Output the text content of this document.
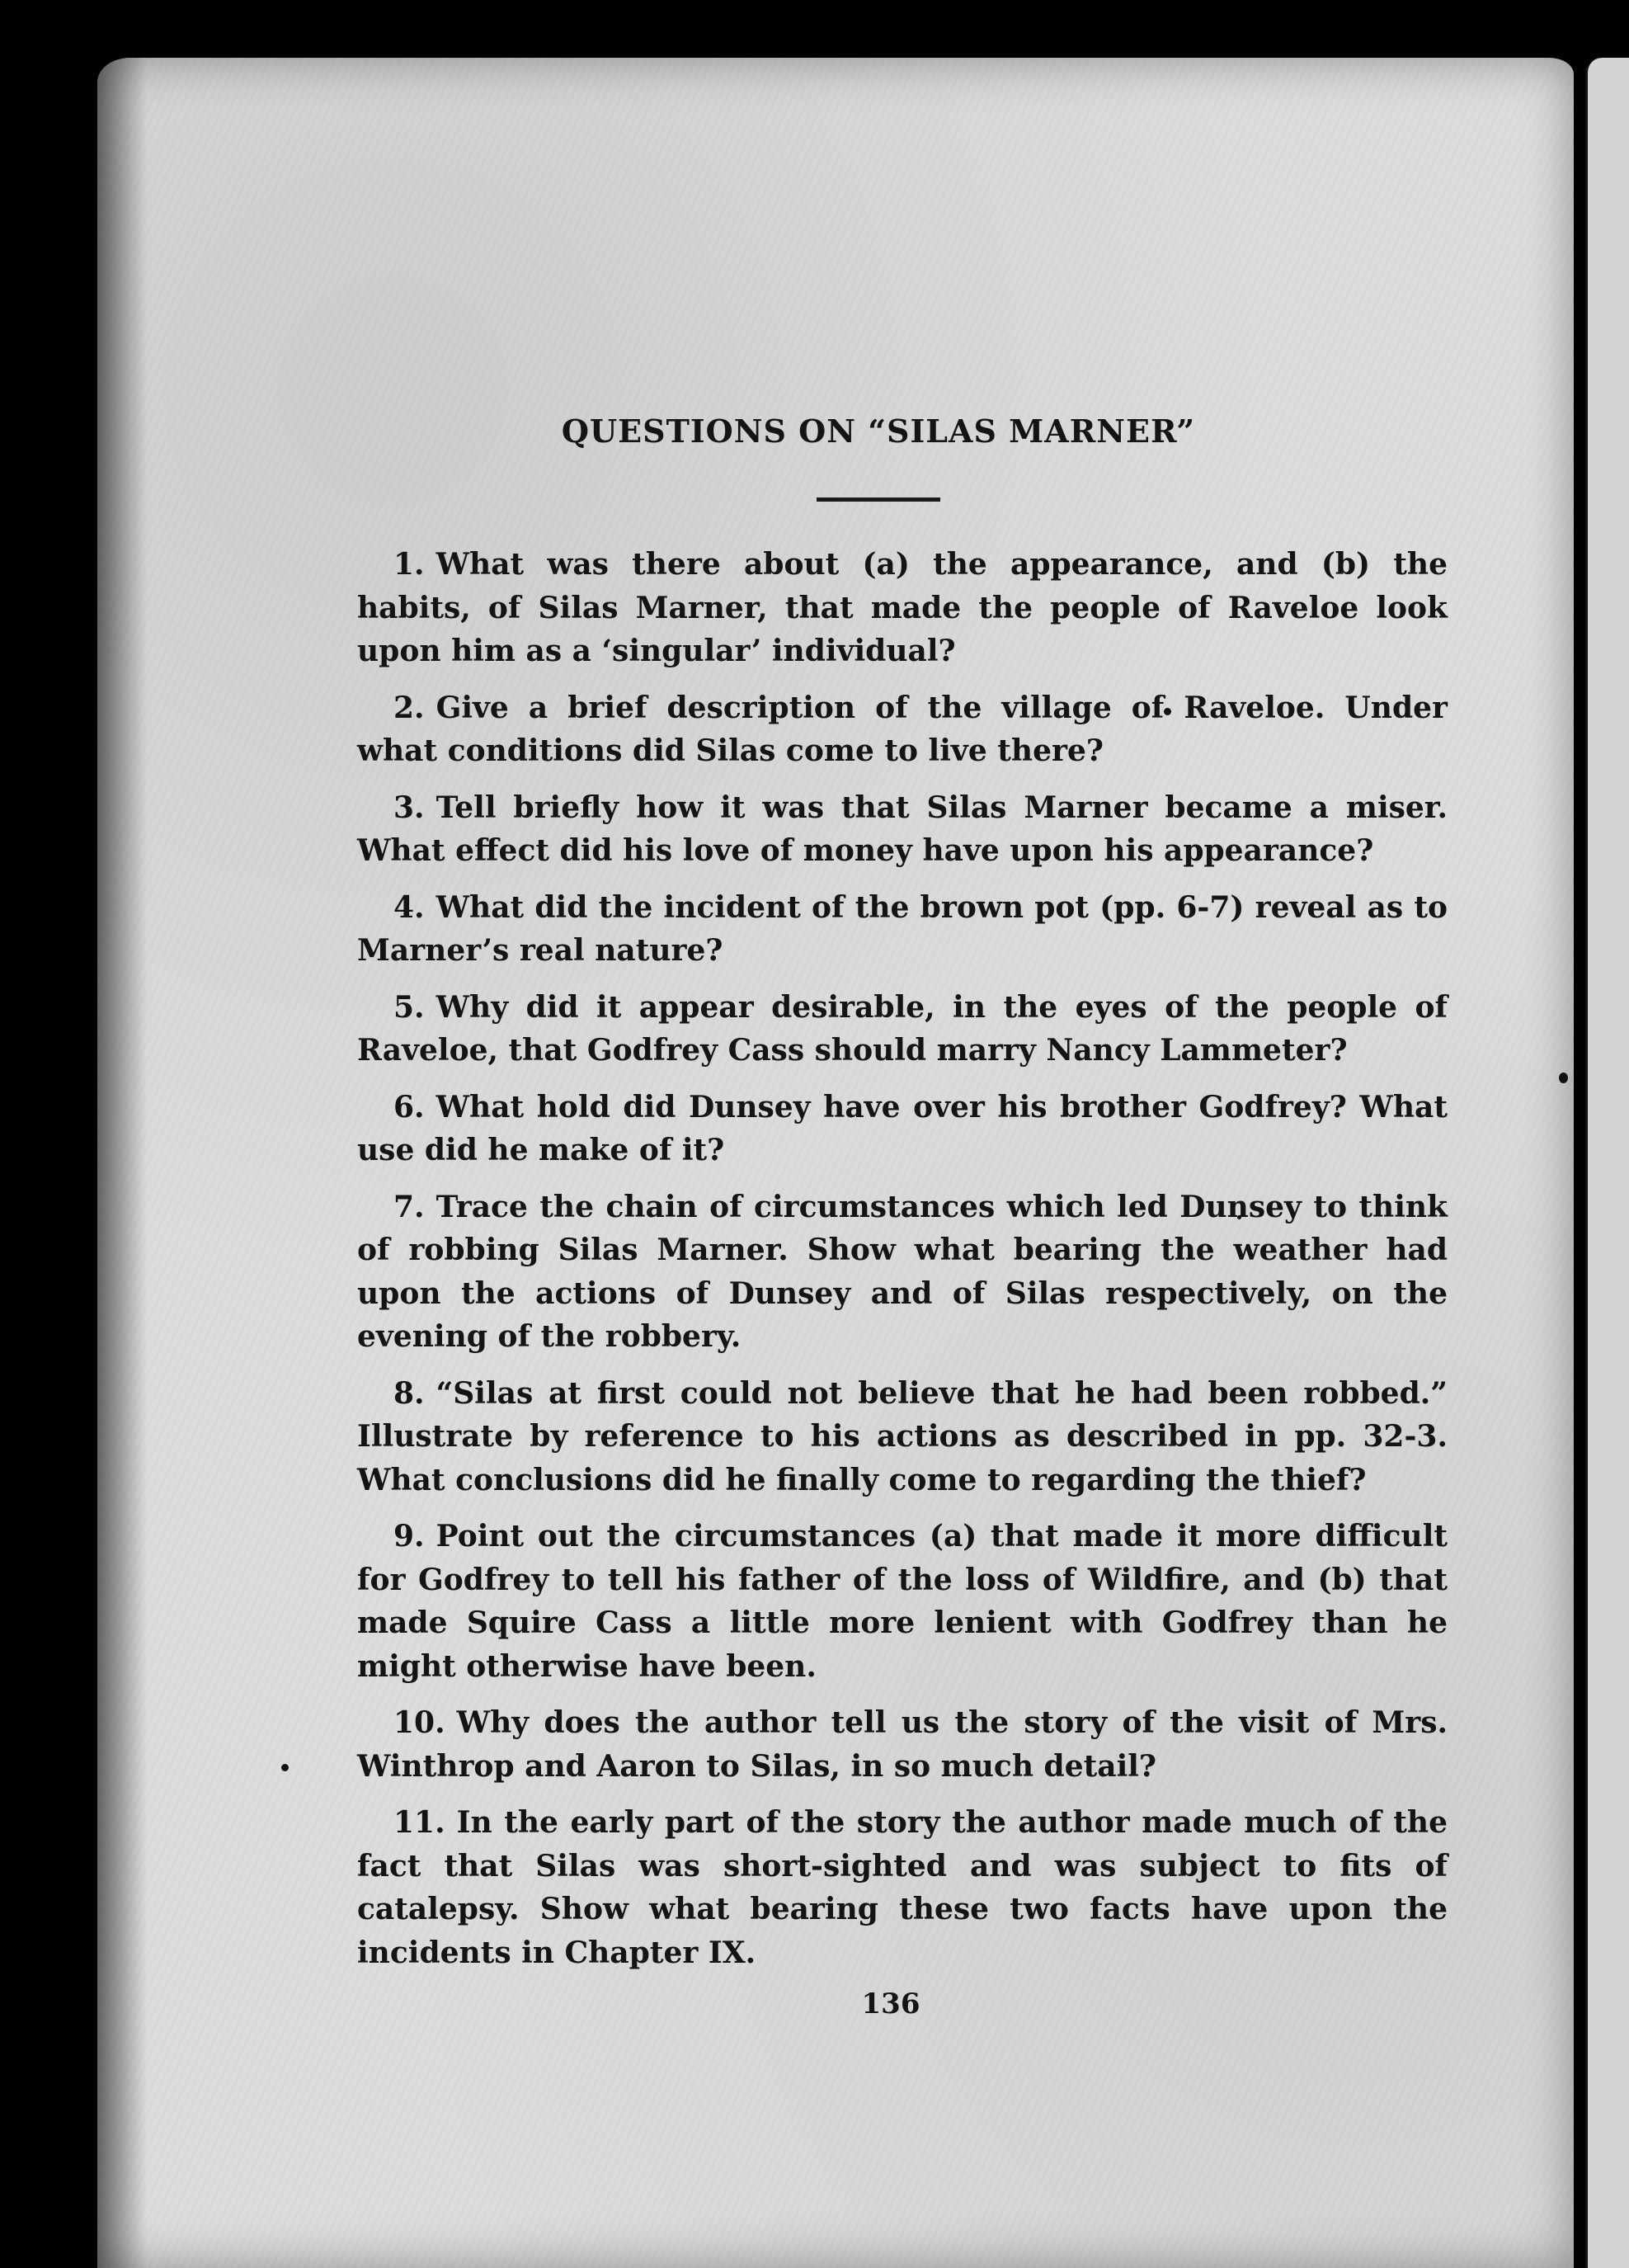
QUESTIONS ON “SILAS MARNER”
1. What was there about (a) the appearance, and (b) the habits, of Silas Marner, that made the people of Raveloe look upon him as a ‘singular’ individual?
2. Give a brief description of the village of Raveloe. Under what conditions did Silas come to live there?
3. Tell briefly how it was that Silas Marner became a miser. What effect did his love of money have upon his appearance?
4. What did the incident of the brown pot (pp. 6-7) reveal as to Marner’s real nature?
5. Why did it appear desirable, in the eyes of the people of Raveloe, that Godfrey Cass should marry Nancy Lammeter?
6. What hold did Dunsey have over his brother Godfrey? What use did he make of it?
7. Trace the chain of circumstances which led Dunsey to think of robbing Silas Marner. Show what bearing the weather had upon the actions of Dunsey and of Silas respectively, on the evening of the robbery.
8. “Silas at first could not believe that he had been robbed.” Illustrate by reference to his actions as described in pp. 32-3. What conclusions did he finally come to regarding the thief?
9. Point out the circumstances (a) that made it more difficult for Godfrey to tell his father of the loss of Wildfire, and (b) that made Squire Cass a little more lenient with Godfrey than he might otherwise have been.
10. Why does the author tell us the story of the visit of Mrs. Winthrop and Aaron to Silas, in so much detail?
11. In the early part of the story the author made much of the fact that Silas was short-sighted and was subject to fits of catalepsy. Show what bearing these two facts have upon the incidents in Chapter IX.
136
